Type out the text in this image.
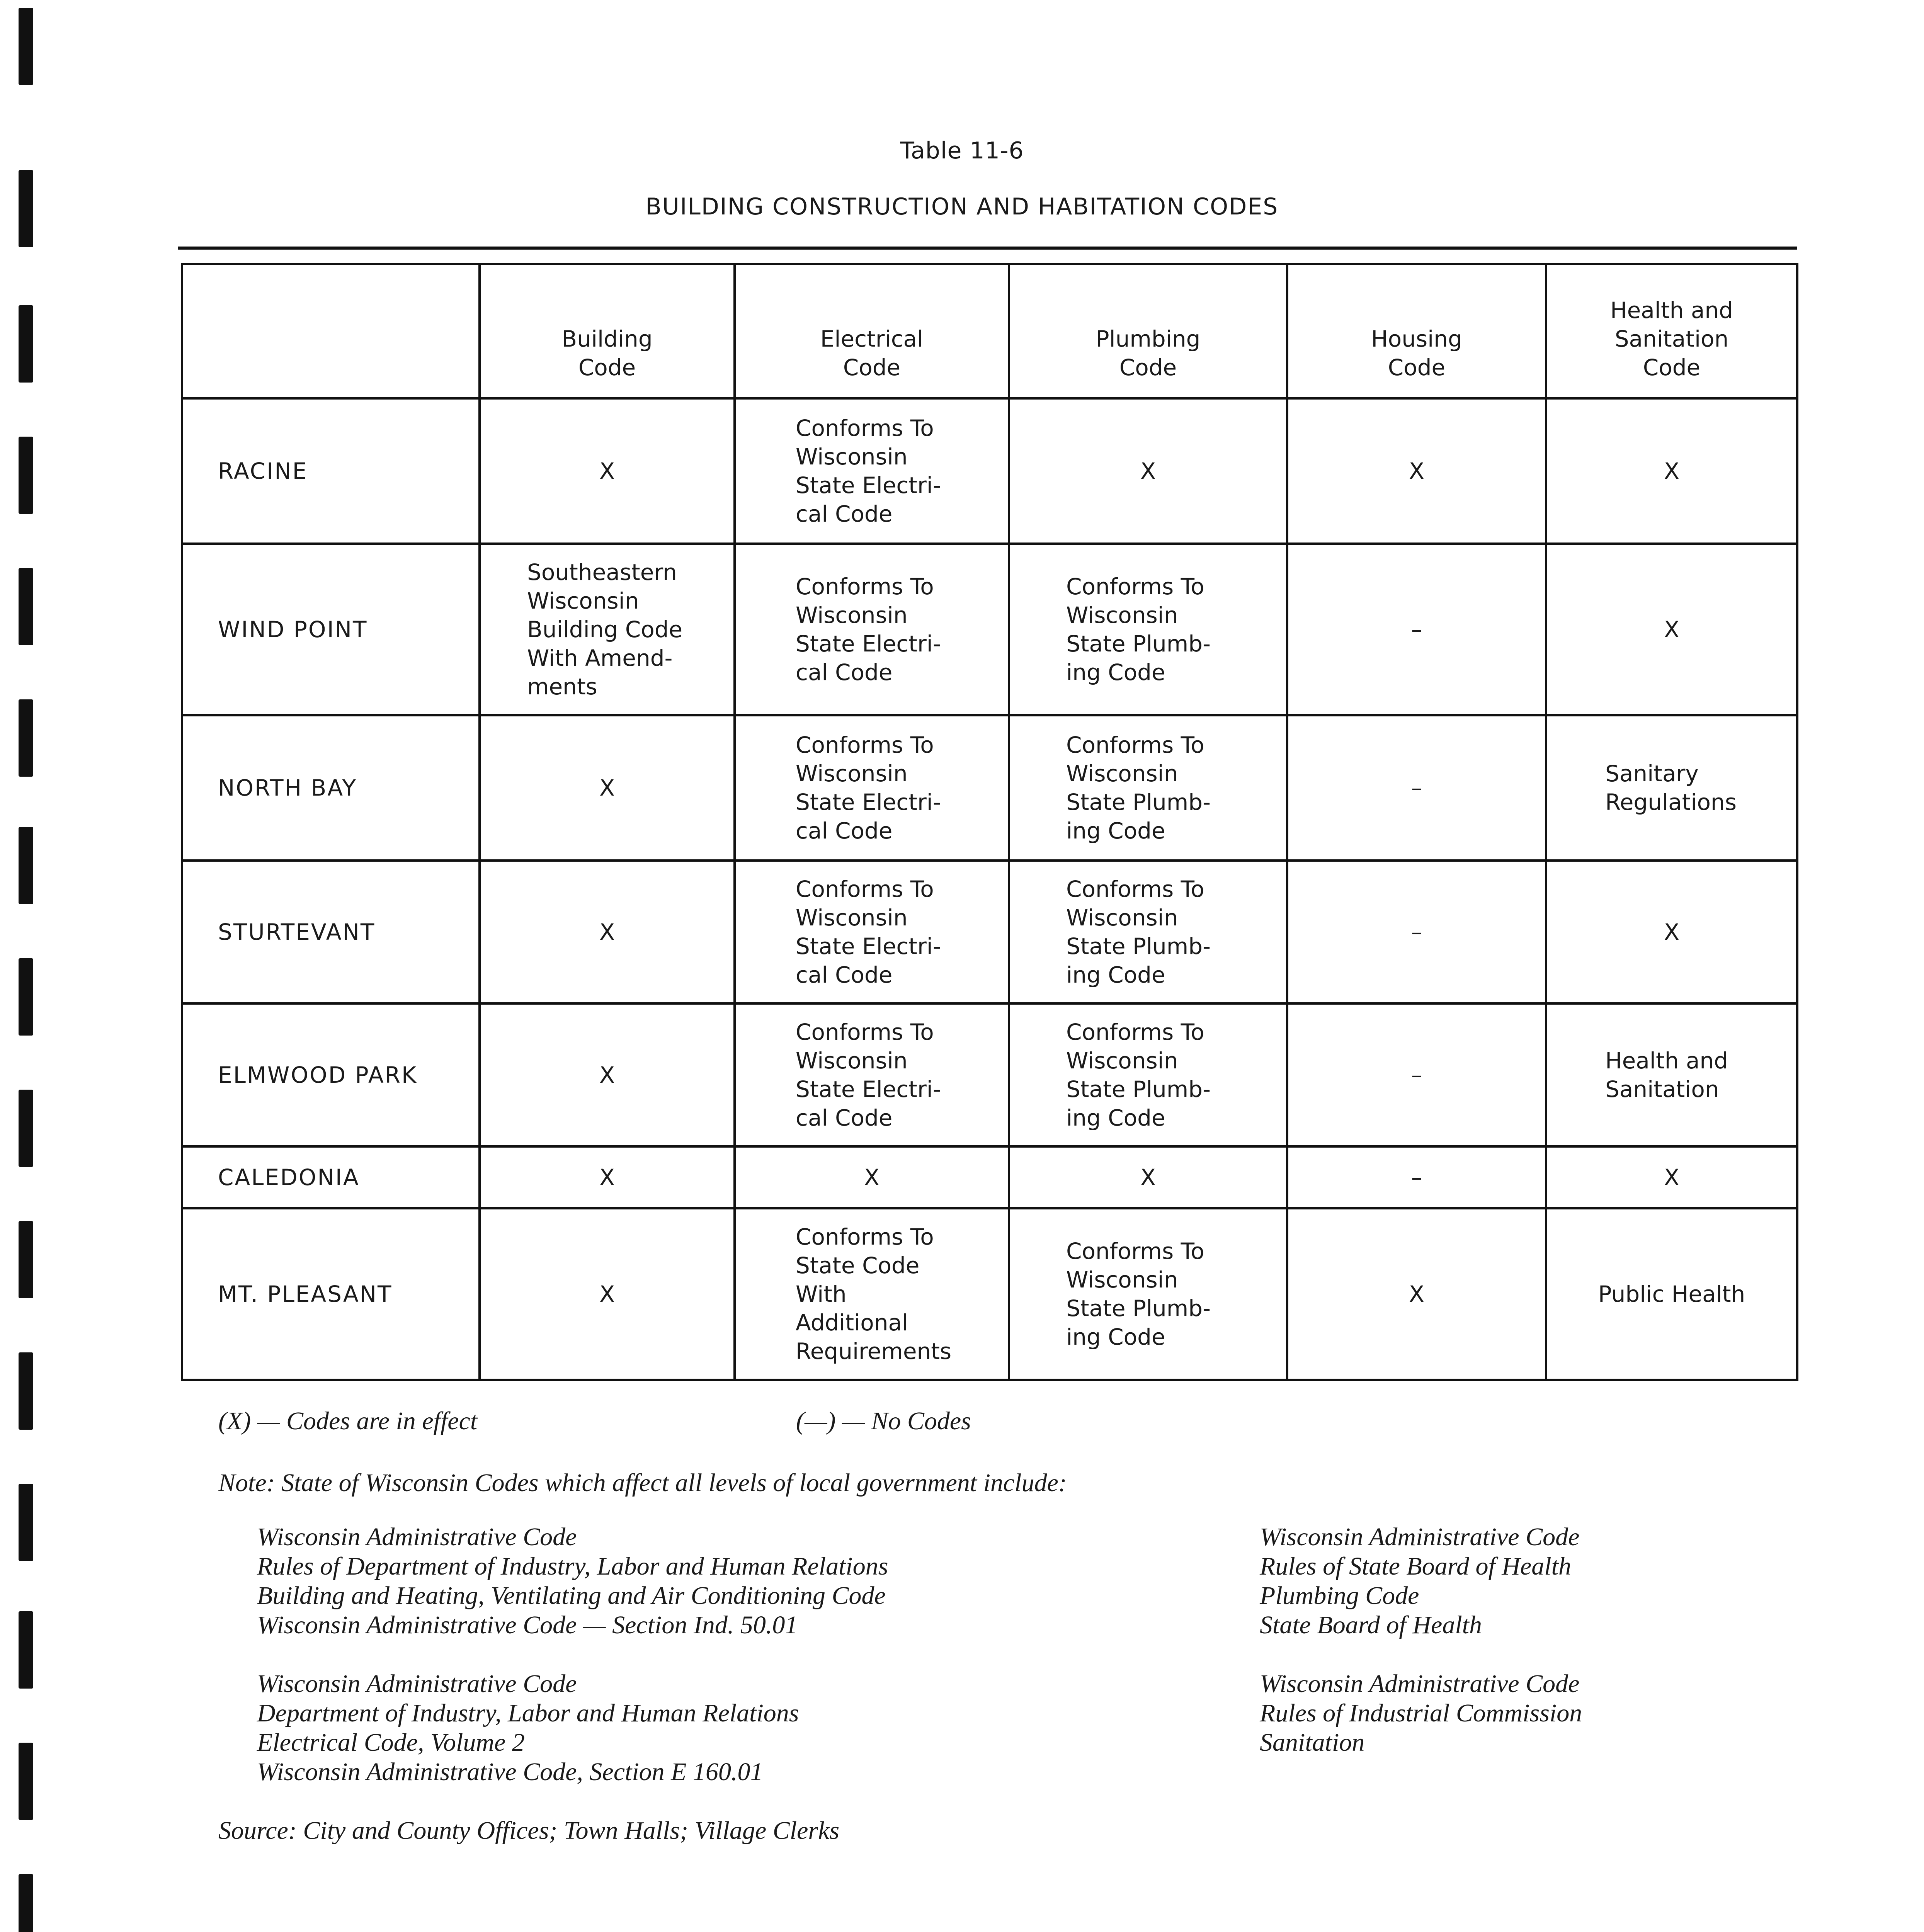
Table 11-6
BUILDING CONSTRUCTION AND HABITATION CODES
	Building
Code	Electrical
Code	Plumbing
Code	Housing
Code	Health and
Sanitation
Code
RACINE	X	Conforms To
Wisconsin
State Electri-
cal Code	X	X	X
WIND POINT	Southeastern
Wisconsin
Building Code
With Amend-
ments	Conforms To
Wisconsin
State Electri-
cal Code	Conforms To
Wisconsin
State Plumb-
ing Code	–	X
NORTH BAY	X	Conforms To
Wisconsin
State Electri-
cal Code	Conforms To
Wisconsin
State Plumb-
ing Code	–	Sanitary
Regulations
STURTEVANT	X	Conforms To
Wisconsin
State Electri-
cal Code	Conforms To
Wisconsin
State Plumb-
ing Code	–	X
ELMWOOD PARK	X	Conforms To
Wisconsin
State Electri-
cal Code	Conforms To
Wisconsin
State Plumb-
ing Code	–	Health and
Sanitation
CALEDONIA	X	X	X	–	X
MT. PLEASANT	X	Conforms To
State Code
With
Additional
Requirements	Conforms To
Wisconsin
State Plumb-
ing Code	X	Public Health
(X) — Codes are in effect	(—) — No Codes
Note: State of Wisconsin Codes which affect all levels of local government include:
Wisconsin Administrative Code
Rules of Department of Industry, Labor and Human Relations
Building and Heating, Ventilating and Air Conditioning Code
Wisconsin Administrative Code — Section Ind. 50.01
Wisconsin Administrative Code
Department of Industry, Labor and Human Relations
Electrical Code, Volume 2
Wisconsin Administrative Code, Section E 160.01
Wisconsin Administrative Code
Rules of State Board of Health
Plumbing Code
State Board of Health
Wisconsin Administrative Code
Rules of Industrial Commission
Sanitation
Source: City and County Offices; Town Halls; Village Clerks
